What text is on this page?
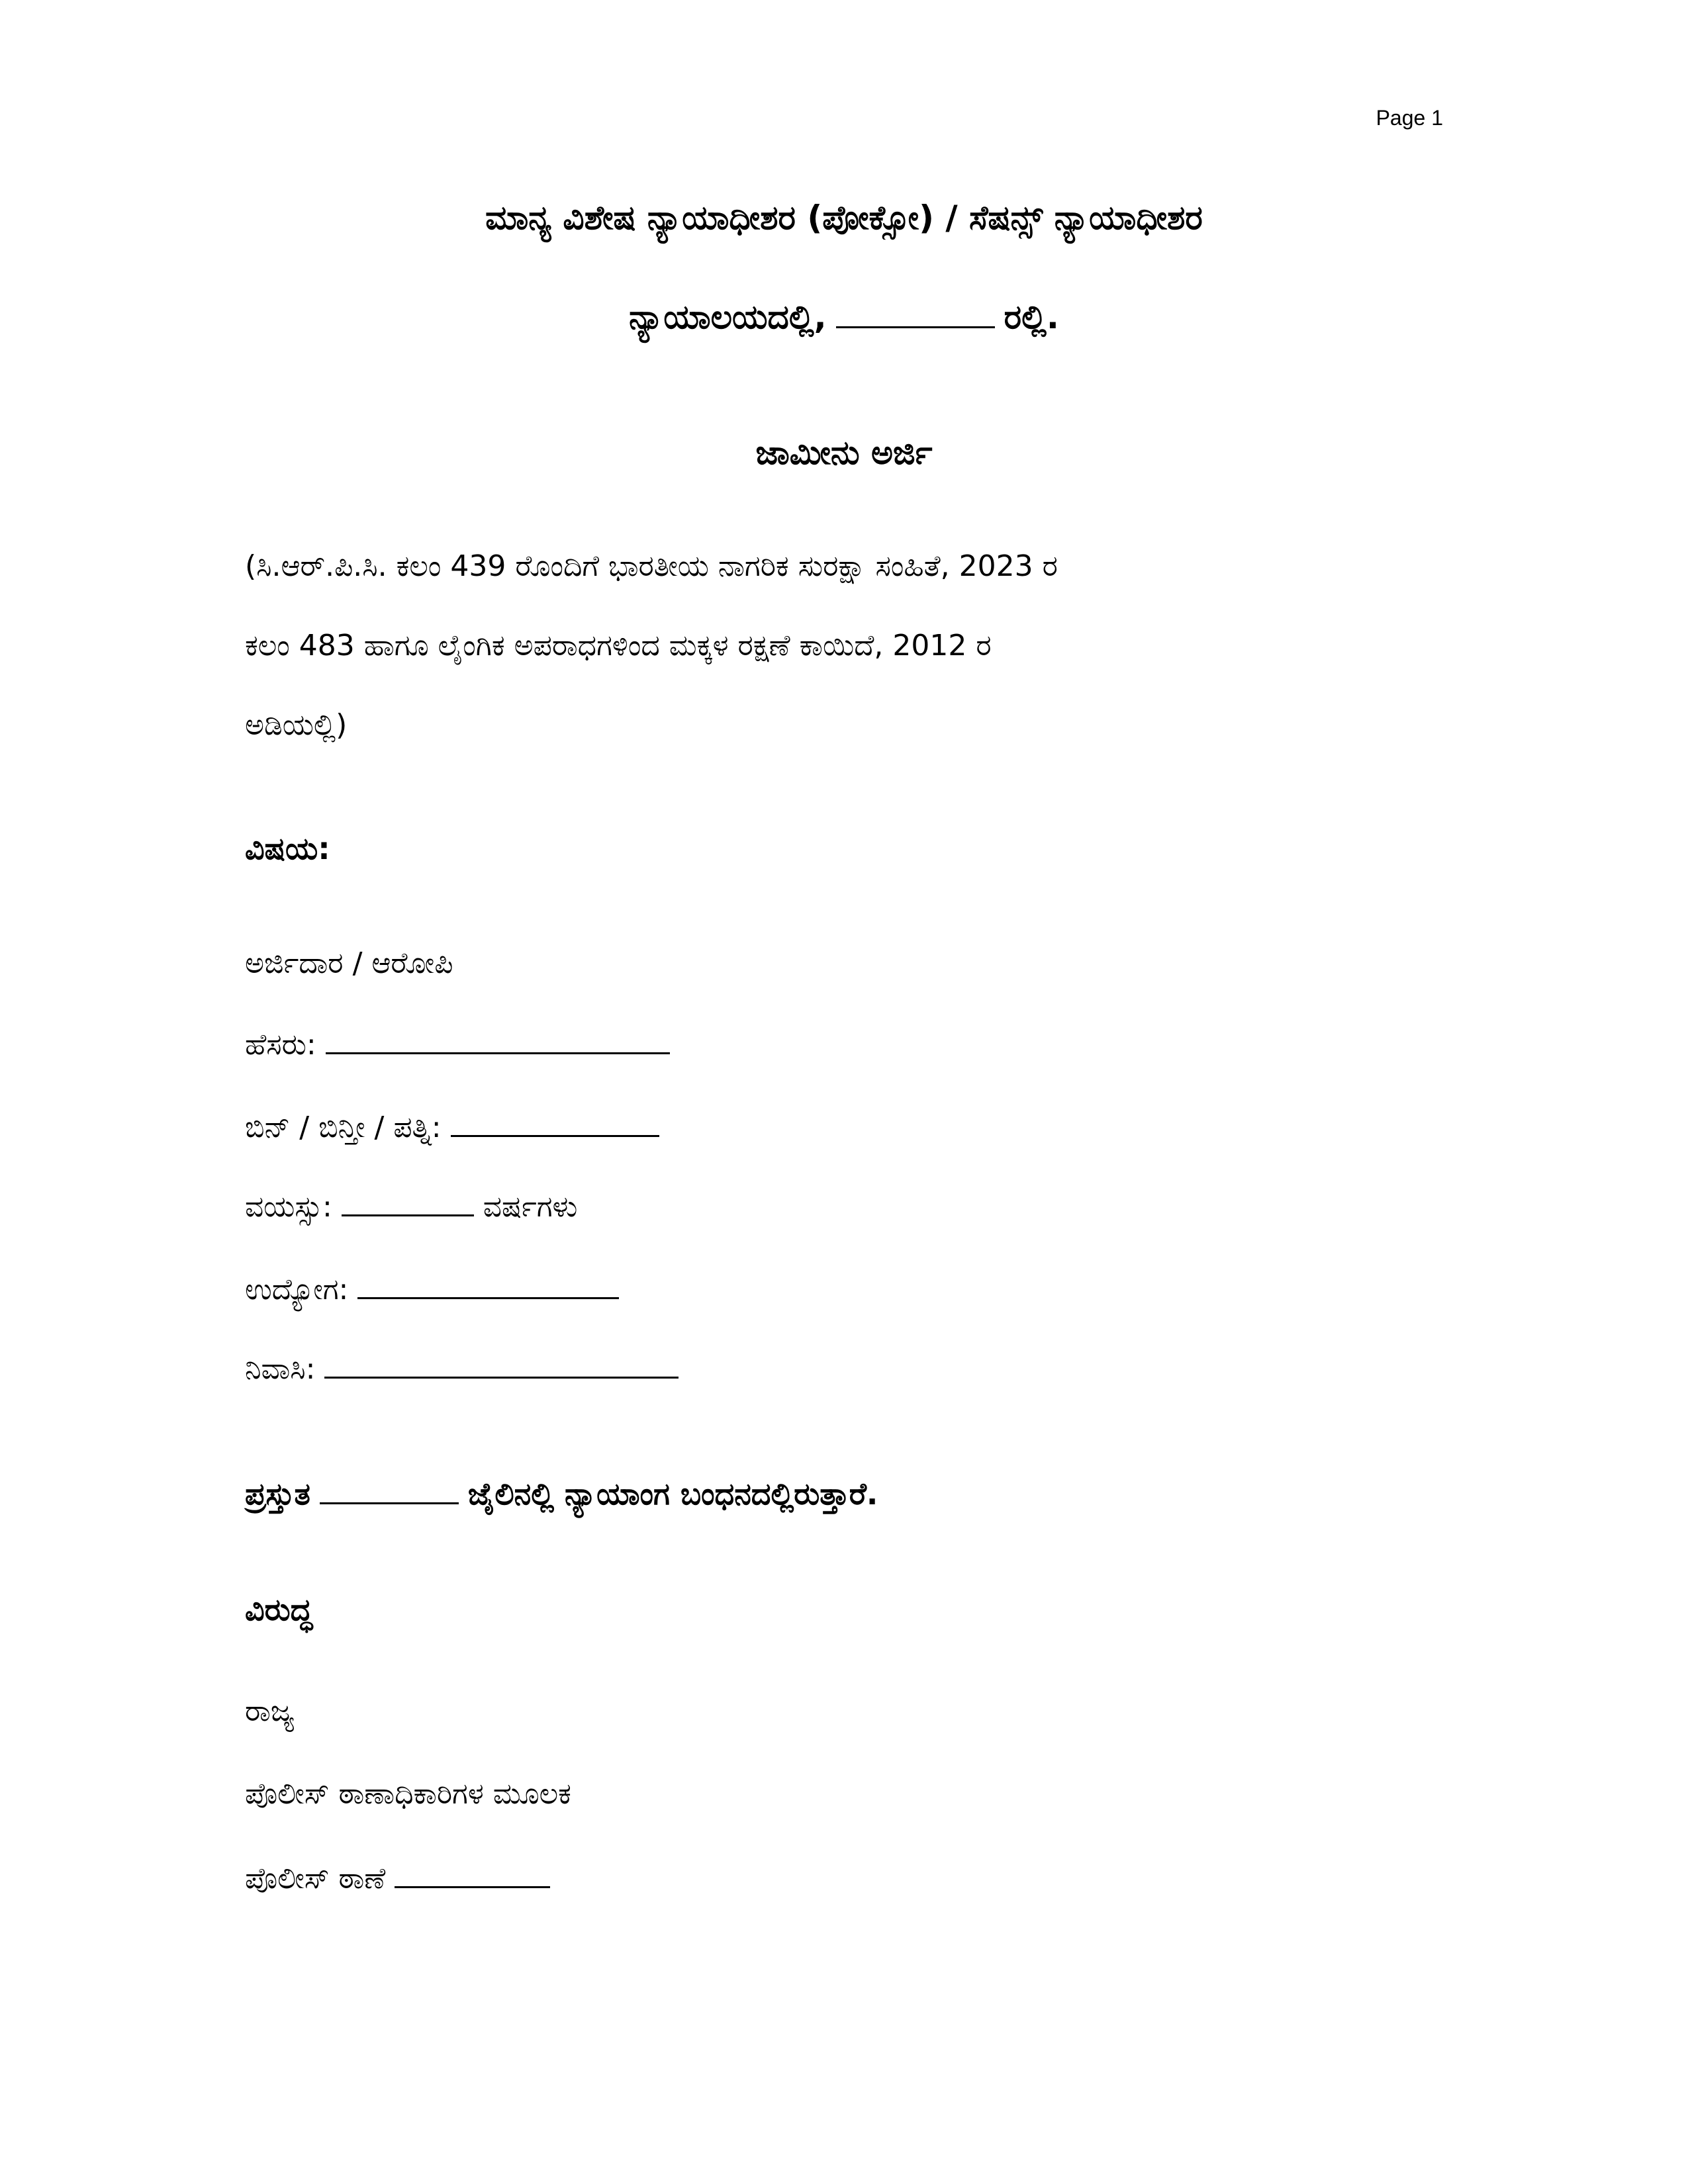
Page 1
ಮಾನ್ಯ ವಿಶೇಷ ನ್ಯಾಯಾಧೀಶರ (ಪೋಕ್ಸೋ) / ಸೆಷನ್ಸ್ ನ್ಯಾಯಾಧೀಶರ
ನ್ಯಾಯಾಲಯದಲ್ಲಿ,	ರಲ್ಲಿ.
ಜಾಮೀನು ಅರ್ಜಿ
(ಸಿ.ಆರ್.ಪಿ.ಸಿ. ಕಲಂ 439 ರೊಂದಿಗೆ ಭಾರತೀಯ ನಾಗರಿಕ ಸುರಕ್ಷಾ ಸಂಹಿತೆ, 2023 ರ
ಕಲಂ 483 ಹಾಗೂ ಲೈಂಗಿಕ ಅಪರಾಧಗಳಿಂದ ಮಕ್ಕಳ ರಕ್ಷಣೆ ಕಾಯಿದೆ, 2012 ರ
ಅಡಿಯಲ್ಲಿ)
ವಿಷಯ:
ಅರ್ಜಿದಾರ / ಆರೋಪಿ
ಹೆಸರು:
ಬಿನ್ / ಬಿನ್ತೀ / ಪತ್ನಿ:
ವಯಸ್ಸು:	ವರ್ಷಗಳು
ಉದ್ಯೋಗ:
ನಿವಾಸಿ:
ಪ್ರಸ್ತುತ	ಜೈಲಿನಲ್ಲಿ ನ್ಯಾಯಾಂಗ ಬಂಧನದಲ್ಲಿರುತ್ತಾರೆ.
ವಿರುದ್ಧ
ರಾಜ್ಯ
ಪೊಲೀಸ್ ಠಾಣಾಧಿಕಾರಿಗಳ ಮೂಲಕ
ಪೊಲೀಸ್ ಠಾಣೆ
